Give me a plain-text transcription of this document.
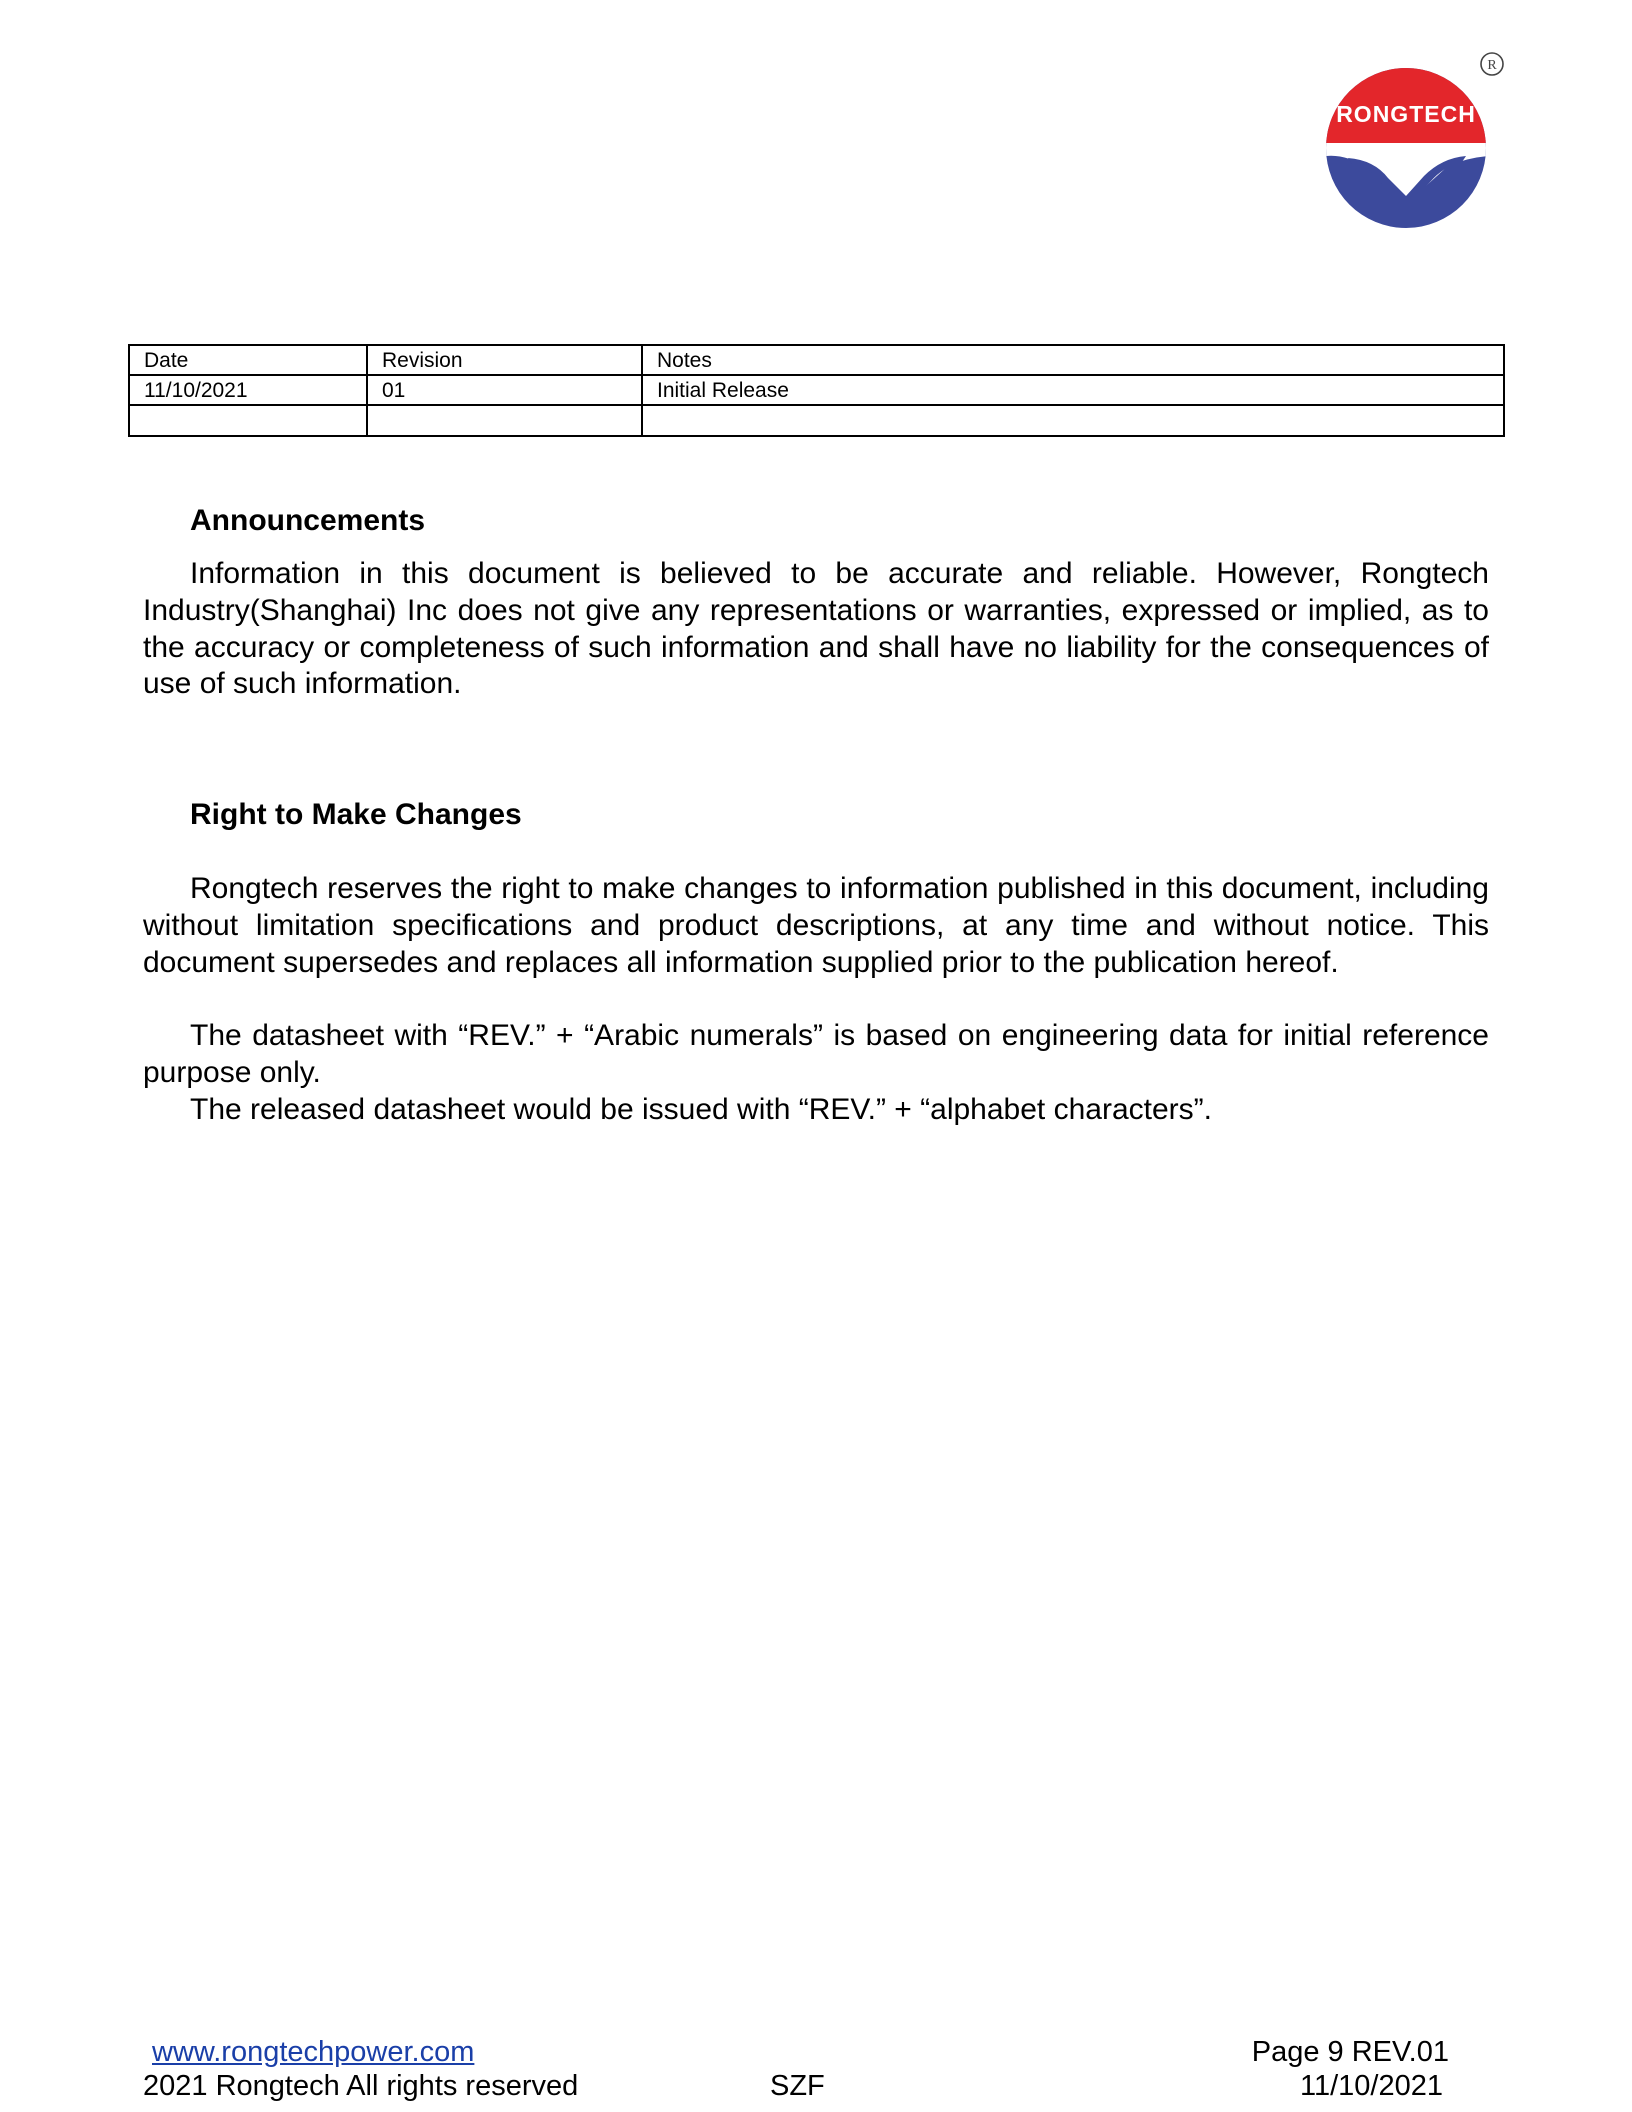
RONGTECH
R
Date	Revision	Notes
11/10/2021	01	Initial Release

Announcements

Information in this document is believed to be accurate and reliable. However, Rongtech Industry(Shanghai) Inc does not give any representations or warranties, expressed or implied, as to the accuracy or completeness of such information and shall have no liability for the consequences of use of such information.

Right to Make Changes

Rongtech reserves the right to make changes to information published in this document, including without limitation specifications and product descriptions, at any time and without notice. This document supersedes and replaces all information supplied prior to the publication hereof.

The datasheet with “REV.” + “Arabic numerals” is based on engineering data for initial reference purpose only.

The released datasheet would be issued with “REV.” + “alphabet characters”.

www.rongtechpower.com
2021 Rongtech All rights reserved	SZF
Page 9 REV.01
11/10/2021
